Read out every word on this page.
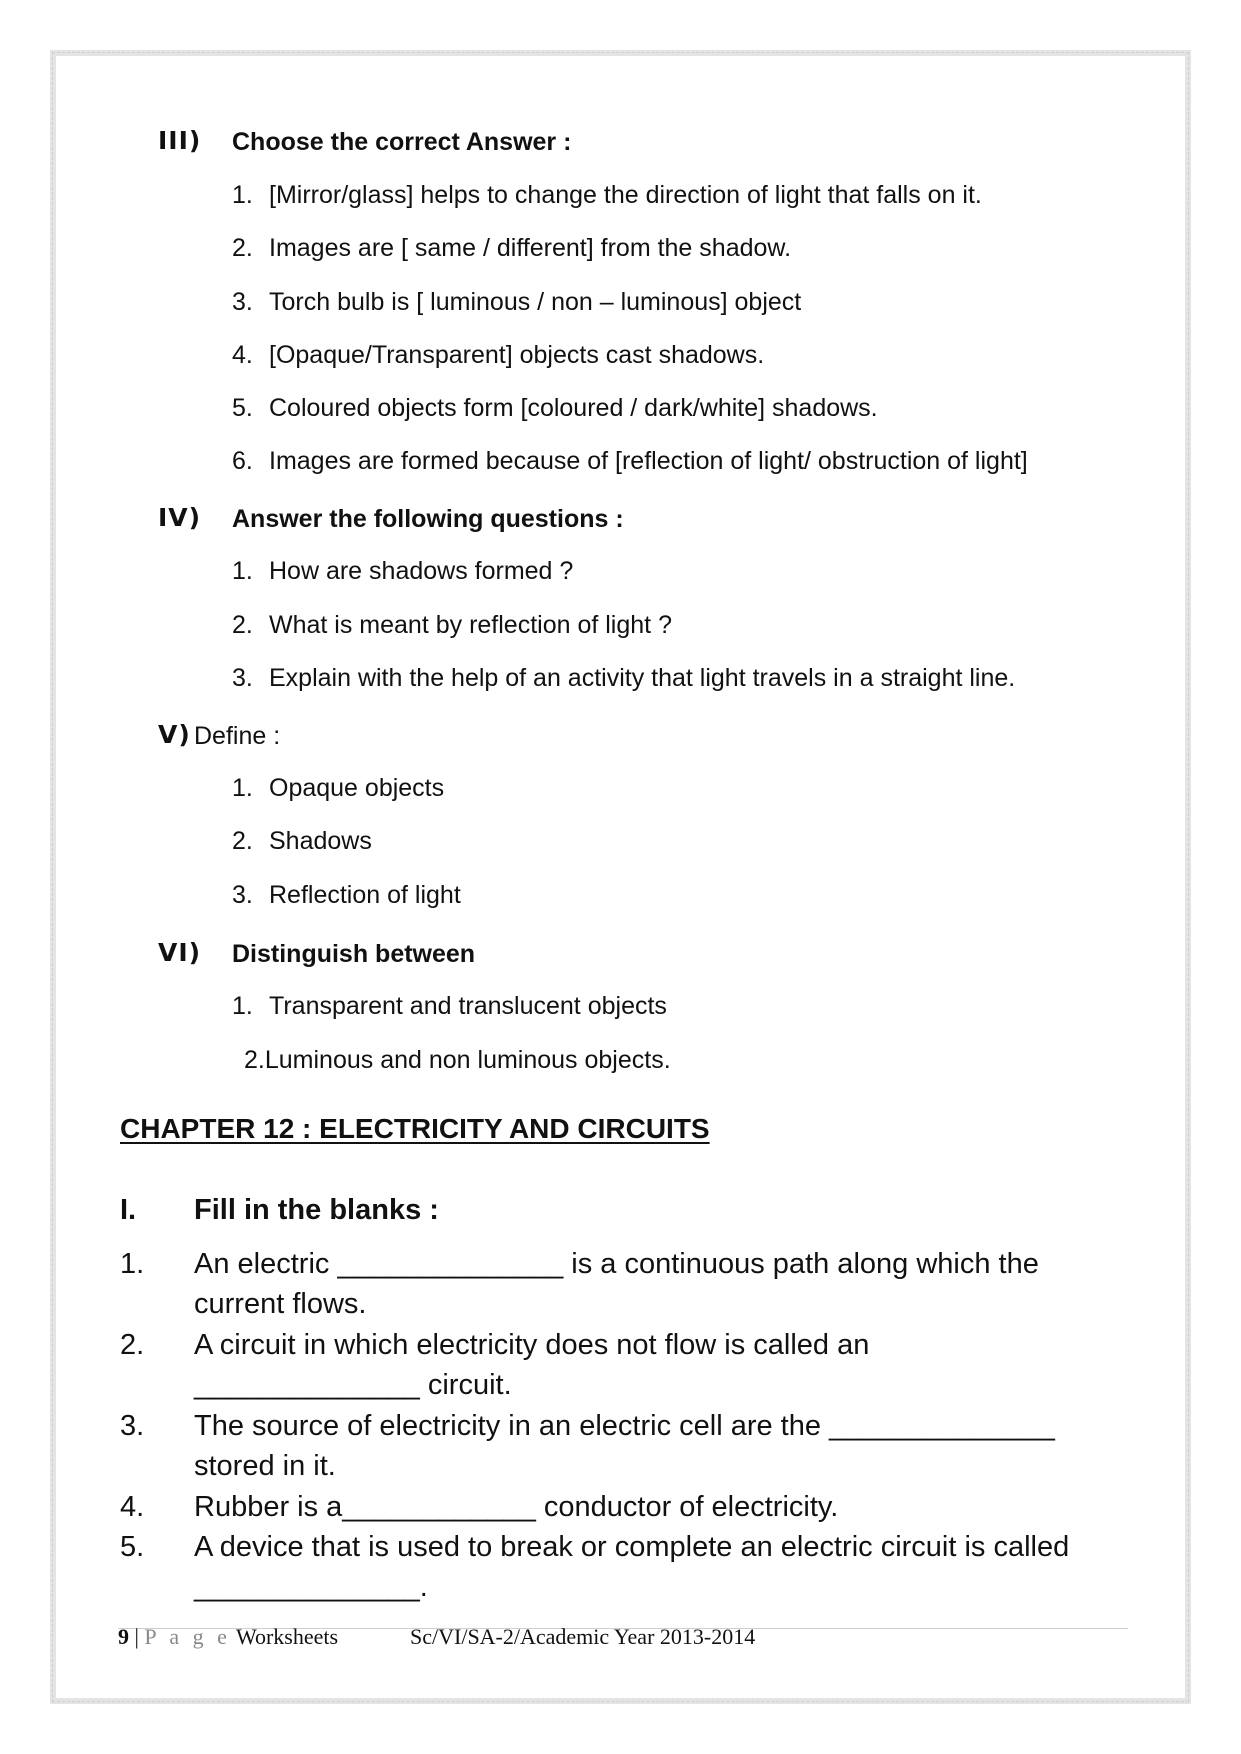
III) Choose the correct Answer :
1. [Mirror/glass] helps to change the direction of light that falls on it.
2. Images are [ same / different] from the shadow.
3. Torch bulb is [ luminous / non – luminous] object
4. [Opaque/Transparent] objects cast shadows.
5. Coloured objects form [coloured / dark/white] shadows.
6. Images are formed because of [reflection of light/ obstruction of light]
IV) Answer the following questions :
1. How are shadows formed ?
2. What is meant by reflection of light ?
3. Explain with the help of an activity that light travels in a straight line.
V) Define :
1. Opaque objects
2. Shadows
3. Reflection of light
VI) Distinguish between
1. Transparent and translucent objects
2.Luminous and non luminous objects.
CHAPTER 12 : ELECTRICITY AND CIRCUITS
I. Fill in the blanks :
1. An electric ______________ is a continuous path along which the
current flows.
2. A circuit in which electricity does not flow is called an
______________ circuit.
3. The source of electricity in an electric cell are the ______________
stored in it.
4. Rubber is a____________ conductor of electricity.
5. A device that is used to break or complete an electric circuit is called
______________.
9 | P a g e Worksheets	Sc/VI/SA-2/Academic Year 2013-2014
